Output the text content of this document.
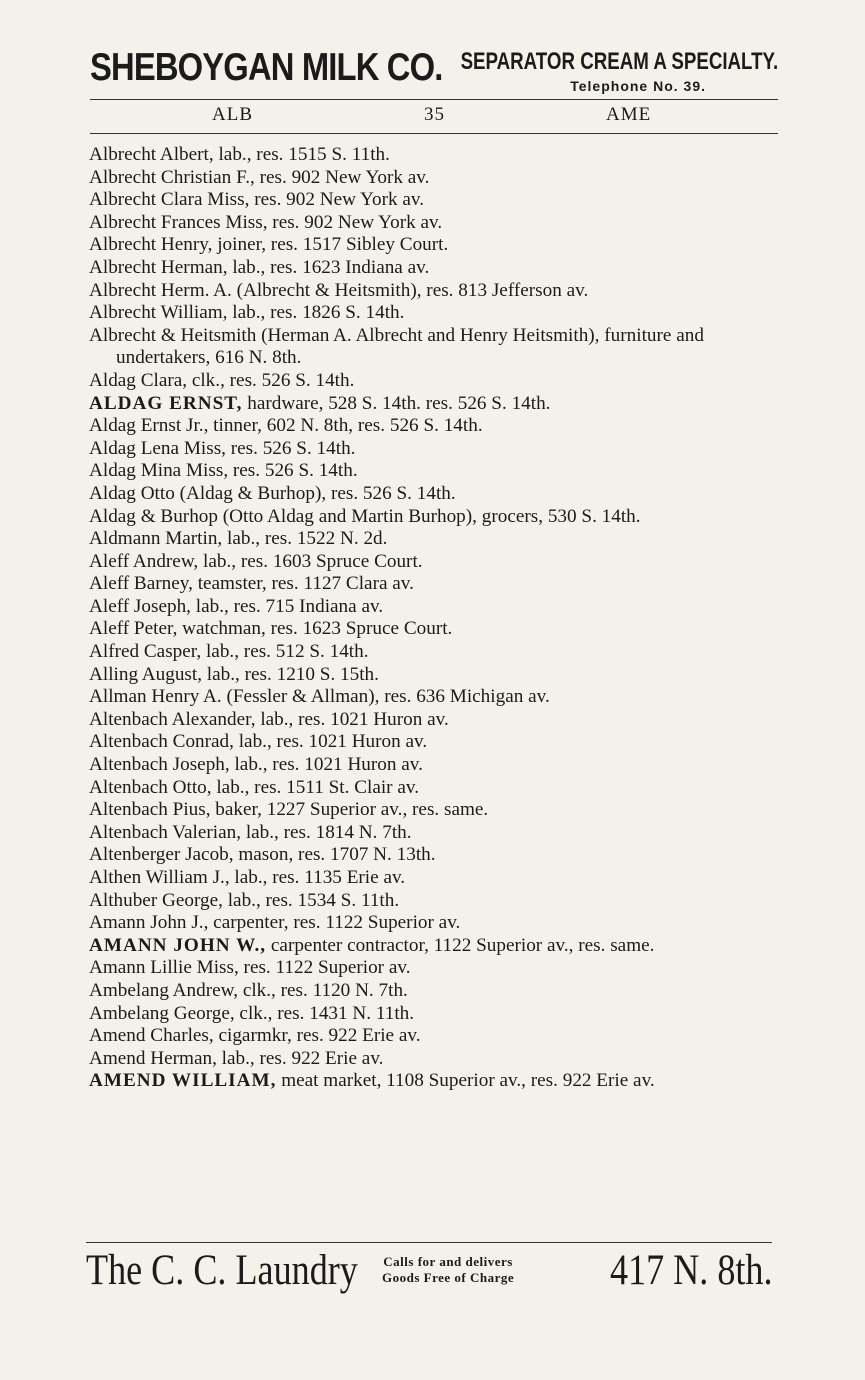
SHEBOYGAN MILK CO. SEPARATOR CREAM A SPECIALTY.
Telephone No. 39.
ALB	35	AME
Albrecht Albert, lab., res. 1515 S. 11th.
Albrecht Christian F., res. 902 New York av.
Albrecht Clara Miss, res. 902 New York av.
Albrecht Frances Miss, res. 902 New York av.
Albrecht Henry, joiner, res. 1517 Sibley Court.
Albrecht Herman, lab., res. 1623 Indiana av.
Albrecht Herm. A. (Albrecht & Heitsmith), res. 813 Jefferson av.
Albrecht William, lab., res. 1826 S. 14th.
Albrecht & Heitsmith (Herman A. Albrecht and Henry Heitsmith), furniture and undertakers, 616 N. 8th.
Aldag Clara, clk., res. 526 S. 14th.
ALDAG ERNST, hardware, 528 S. 14th. res. 526 S. 14th.
Aldag Ernst Jr., tinner, 602 N. 8th, res. 526 S. 14th.
Aldag Lena Miss, res. 526 S. 14th.
Aldag Mina Miss, res. 526 S. 14th.
Aldag Otto (Aldag & Burhop), res. 526 S. 14th.
Aldag & Burhop (Otto Aldag and Martin Burhop), grocers, 530 S. 14th.
Aldmann Martin, lab., res. 1522 N. 2d.
Aleff Andrew, lab., res. 1603 Spruce Court.
Aleff Barney, teamster, res. 1127 Clara av.
Aleff Joseph, lab., res. 715 Indiana av.
Aleff Peter, watchman, res. 1623 Spruce Court.
Alfred Casper, lab., res. 512 S. 14th.
Alling August, lab., res. 1210 S. 15th.
Allman Henry A. (Fessler & Allman), res. 636 Michigan av.
Altenbach Alexander, lab., res. 1021 Huron av.
Altenbach Conrad, lab., res. 1021 Huron av.
Altenbach Joseph, lab., res. 1021 Huron av.
Altenbach Otto, lab., res. 1511 St. Clair av.
Altenbach Pius, baker, 1227 Superior av., res. same.
Altenbach Valerian, lab., res. 1814 N. 7th.
Altenberger Jacob, mason, res. 1707 N. 13th.
Althen William J., lab., res. 1135 Erie av.
Althuber George, lab., res. 1534 S. 11th.
Amann John J., carpenter, res. 1122 Superior av.
AMANN JOHN W., carpenter contractor, 1122 Superior av., res. same.
Amann Lillie Miss, res. 1122 Superior av.
Ambelang Andrew, clk., res. 1120 N. 7th.
Ambelang George, clk., res. 1431 N. 11th.
Amend Charles, cigarmkr, res. 922 Erie av.
Amend Herman, lab., res. 922 Erie av.
AMEND WILLIAM, meat market, 1108 Superior av., res. 922 Erie av.
The C. C. Laundry Calls for and delivers
Goods Free of Charge 417 N. 8th.
